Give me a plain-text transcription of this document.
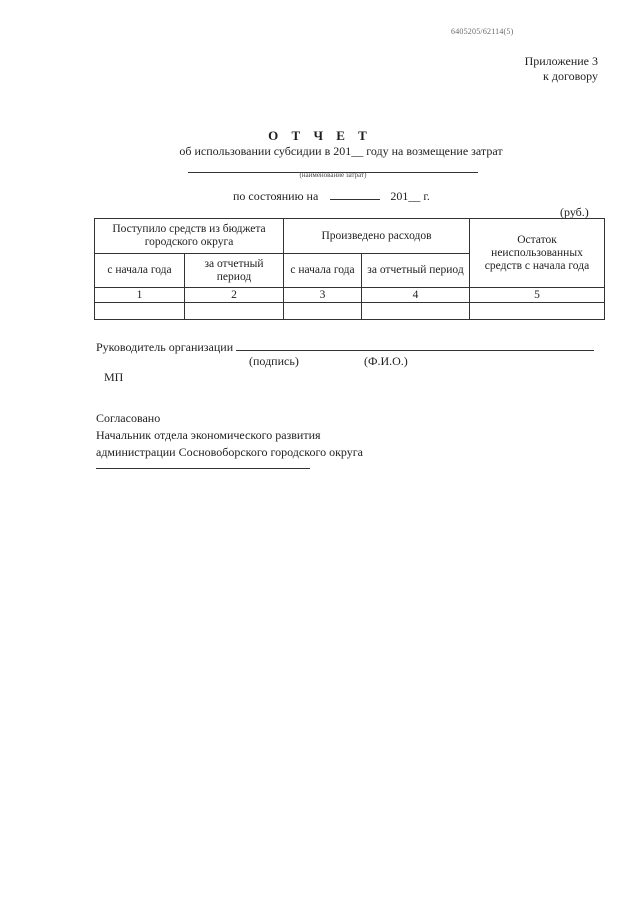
6405205/62114(5)
Приложение 3
к договору
О Т Ч Е Т
об использовании субсидии в 201__ году на возмещение затрат
(наименование затрат)
по состоянию на	201__ г.
(руб.)
Поступило средств из бюджета городского округа		Произведено расходов		Остаток неиспользованных средств с начала года
с начала года	за отчетный период	с начала года	за отчетный период	
1	2	3	4	5

Руководитель организации
(подпись)	(Ф.И.О.)
МП
Согласовано
Начальник отдела экономического развития
администрации Сосновоборского городского округа
